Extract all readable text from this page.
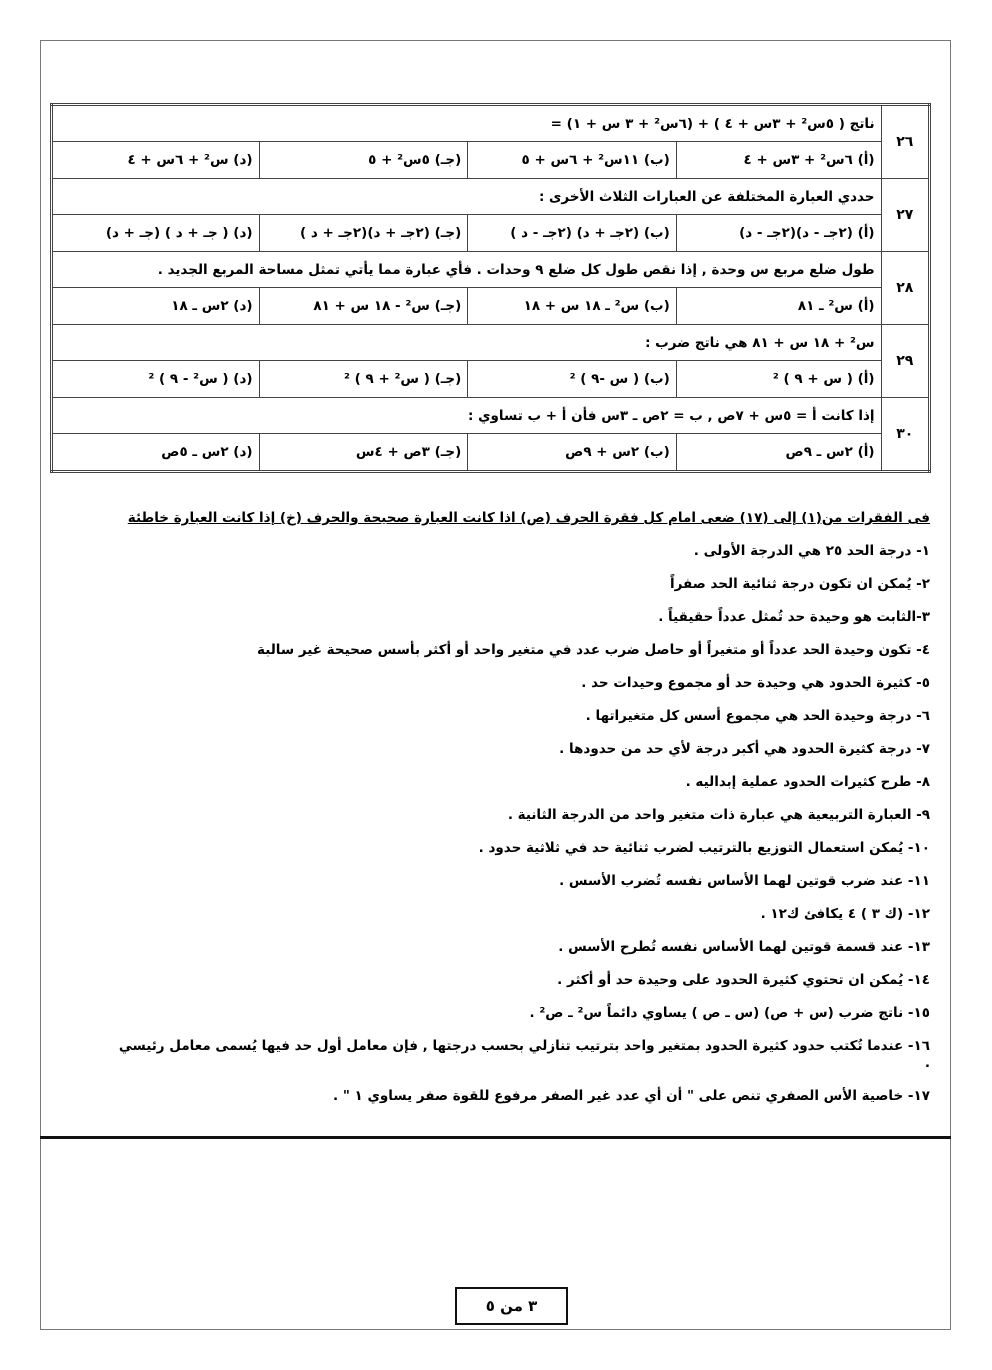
٢٦	ناتج ( ٥س² + ٣س + ٤ ) + (٦س² + ٣ س + ١) =			
	(أ) ٦س² + ٣س + ٤	(ب) ١١س² + ٦س + ٥	(جـ) ٥س² + ٥	(د) س² + ٦س + ٤
٢٧	حددي العبارة المختلفة عن العبارات الثلاث الأخرى :			
	(أ) (٢جـ - د)(٢جـ - د)	(ب) (٢جـ + د) (٢جـ - د )	(جـ) (٢جـ + د)(٢جـ + د )	(د) ( جـ + د ) (جـ + د)
٢٨	طول ضلع مربع س وحدة , إذا نقص طول كل ضلع ٩ وحدات . فأي عبارة مما يأتي تمثل مساحة المربع الجديد .			
	(أ) س² ـ ٨١	(ب) س² ـ ١٨ س + ١٨	(جـ) س² - ١٨ س + ٨١	(د) ٢س ـ ١٨
٢٩	س² + ١٨ س + ٨١ هي ناتج ضرب :			
	(أ) ( س + ٩ ) ²	(ب) ( س -٩ ) ²	(جـ) ( س² + ٩ ) ²	(د) ( س² - ٩ ) ²
٣٠	إذا كانت أ = ٥س + ٧ص , ب = ٢ص ـ ٣س فأن أ + ب تساوي :			
	(أ) ٢س ـ ٩ص	(ب) ٢س + ٩ص	(جـ) ٣ص + ٤س	(د) ٢س ـ ٥ص
فى الفقرات من(١) إلى (١٧) ضعى امام كل فقرة الحرف (ص) اذا كانت العبارة صحيحة والحرف (خ) إذا كانت العبارة خاطئة
١- درجة الحد ٢٥ هي الدرجة الأولى .
٢- يُمكن ان تكون درجة ثنائية الحد صفراً
٣-الثابت هو وحيدة حد تُمثل عدداً حقيقياً .
٤- تكون وحيدة الحد عدداً أو متغيراً أو حاصل ضرب عدد في متغير واحد أو أكثر بأسس صحيحة غير سالبة
٥- كثيرة الحدود هي وحيدة حد أو مجموع وحيدات حد .
٦- درجة وحيدة الحد هي مجموع أسس كل متغيراتها .
٧- درجة كثيرة الحدود هي أكبر درجة لأي حد من حدودها .
٨- طرح كثيرات الحدود عملية إبداليه .
٩- العبارة التربيعية هي عبارة ذات متغير واحد من الدرجة الثانية .
١٠- يُمكن استعمال التوزيع بالترتيب لضرب ثنائية حد في ثلاثية حدود .
١١- عند ضرب قوتين لهما الأساس نفسه تُضرب الأسس .
١٢- (ك ٣ ) ٤ يكافئ ك١٢ .
١٣- عند قسمة قوتين لهما الأساس نفسه تُطرح الأسس .
١٤- يُمكن ان تحتوي كثيرة الحدود على وحيدة حد أو أكثر .
١٥- ناتج ضرب (س + ص) (س ـ ص ) يساوي دائماً س² ـ ص² .
١٦- عندما تُكتب حدود كثيرة الحدود بمتغير واحد بترتيب تنازلي بحسب درجتها , فإن معامل أول حد فيها يُسمى معامل رئيسي .
١٧- خاصية الأس الصفري تنص على " أن أي عدد غير الصفر مرفوع للقوة صفر يساوي ١ " .
٣ من ٥
